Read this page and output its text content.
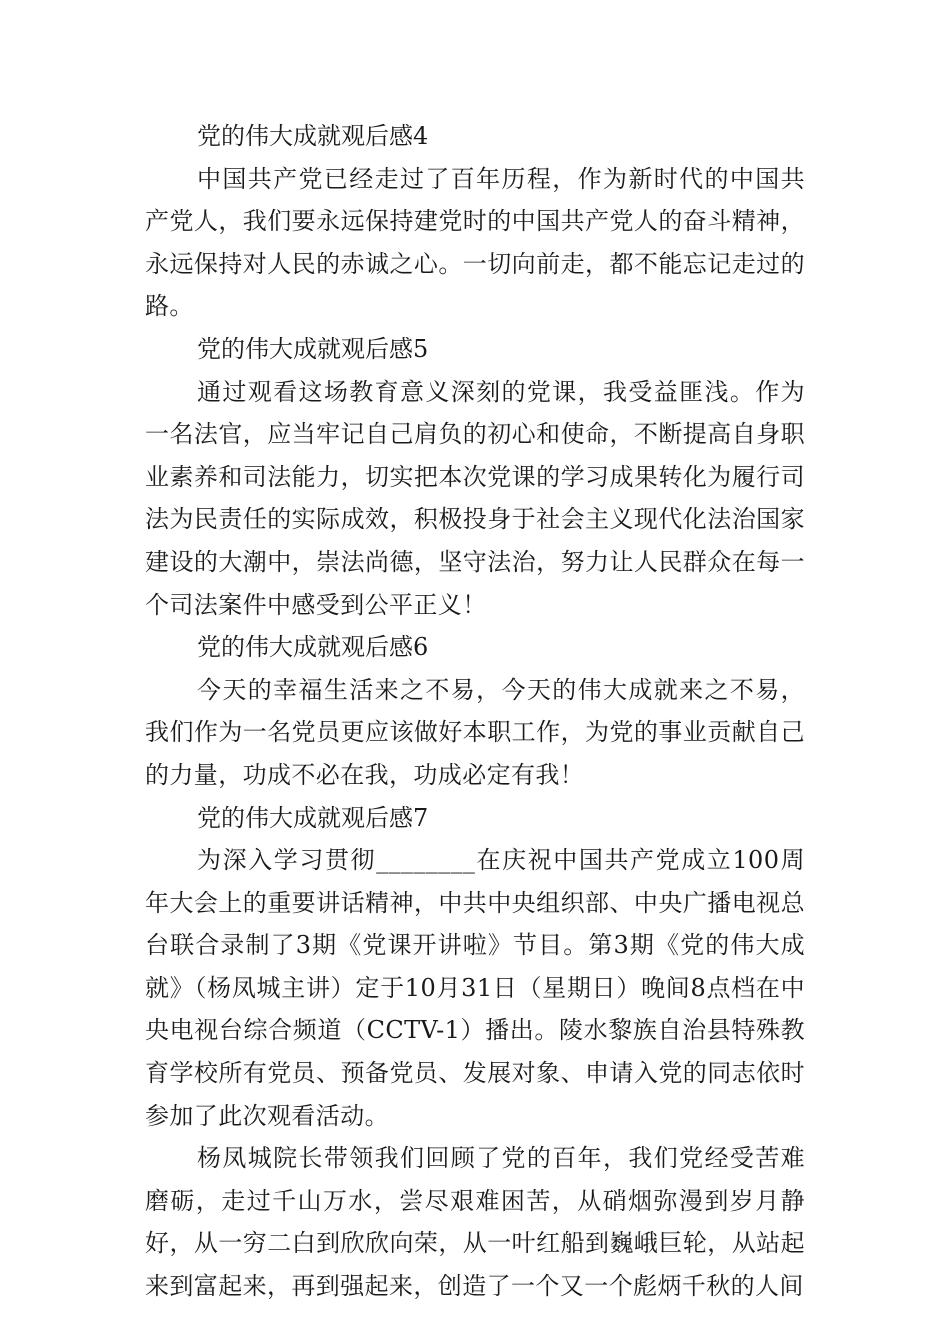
党的伟大成就观后感4

中国共产党已经走过了百年历程，作为新时代的中国共产党人，我们要永远保持建党时的中国共产党人的奋斗精神，永远保持对人民的赤诚之心。一切向前走，都不能忘记走过的路。

党的伟大成就观后感5

通过观看这场教育意义深刻的党课，我受益匪浅。作为一名法官，应当牢记自己肩负的初心和使命，不断提高自身职业素养和司法能力，切实把本次党课的学习成果转化为履行司法为民责任的实际成效，积极投身于社会主义现代化法治国家建设的大潮中，崇法尚德，坚守法治，努力让人民群众在每一个司法案件中感受到公平正义！

党的伟大成就观后感6

今天的幸福生活来之不易，今天的伟大成就来之不易，我们作为一名党员更应该做好本职工作，为党的事业贡献自己的力量，功成不必在我，功成必定有我！

党的伟大成就观后感7

为深入学习贯彻________在庆祝中国共产党成立100周年大会上的重要讲话精神，中共中央组织部、中央广播电视总台联合录制了3期《党课开讲啦》节目。第3期《党的伟大成就》（杨凤城主讲）定于10月31日（星期日）晚间8点档在中央电视台综合频道（CCTV-1）播出。陵水黎族自治县特殊教育学校所有党员、预备党员、发展对象、申请入党的同志依时参加了此次观看活动。

杨凤城院长带领我们回顾了党的百年，我们党经受苦难磨砺，走过千山万水，尝尽艰难困苦，从硝烟弥漫到岁月静好，从一穷二白到欣欣向荣，从一叶红船到巍峨巨轮，从站起来到富起来，再到强起来，创造了一个又一个彪炳千秋的人间
